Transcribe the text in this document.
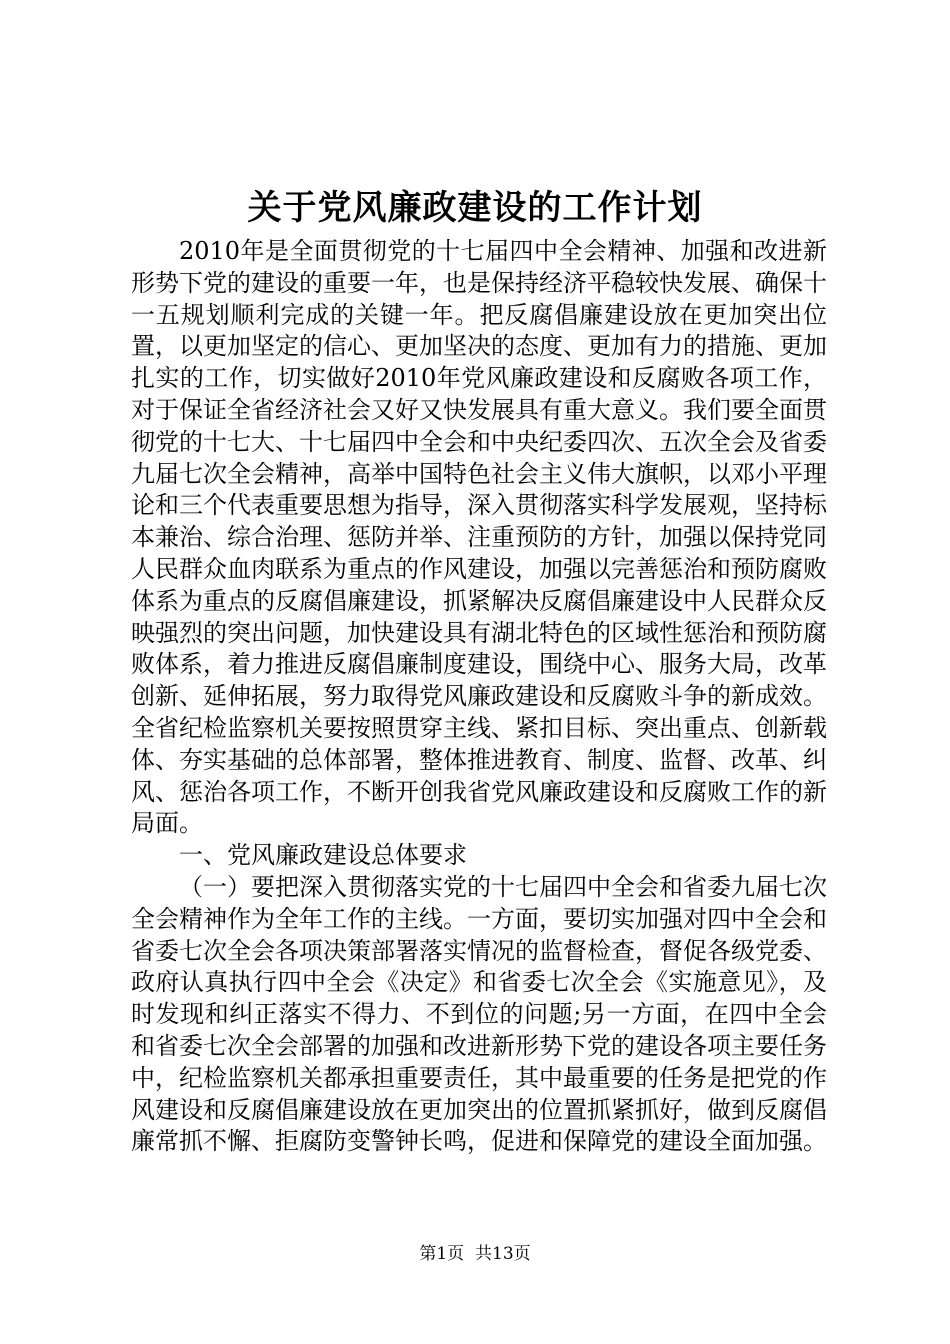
关于党风廉政建设的工作计划

2010年是全面贯彻党的十七届四中全会精神、加强和改进新形势下党的建设的重要一年，也是保持经济平稳较快发展、确保十一五规划顺利完成的关键一年。把反腐倡廉建设放在更加突出位置，以更加坚定的信心、更加坚决的态度、更加有力的措施、更加扎实的工作，切实做好2010年党风廉政建设和反腐败各项工作，对于保证全省经济社会又好又快发展具有重大意义。我们要全面贯彻党的十七大、十七届四中全会和中央纪委四次、五次全会及省委九届七次全会精神，高举中国特色社会主义伟大旗帜，以邓小平理论和三个代表重要思想为指导，深入贯彻落实科学发展观，坚持标本兼治、综合治理、惩防并举、注重预防的方针，加强以保持党同人民群众血肉联系为重点的作风建设，加强以完善惩治和预防腐败体系为重点的反腐倡廉建设，抓紧解决反腐倡廉建设中人民群众反映强烈的突出问题，加快建设具有湖北特色的区域性惩治和预防腐败体系，着力推进反腐倡廉制度建设，围绕中心、服务大局，改革创新、延伸拓展，努力取得党风廉政建设和反腐败斗争的新成效。全省纪检监察机关要按照贯穿主线、紧扣目标、突出重点、创新载体、夯实基础的总体部署，整体推进教育、制度、监督、改革、纠风、惩治各项工作，不断开创我省党风廉政建设和反腐败工作的新局面。

一、党风廉政建设总体要求

（一）要把深入贯彻落实党的十七届四中全会和省委九届七次全会精神作为全年工作的主线。一方面，要切实加强对四中全会和省委七次全会各项决策部署落实情况的监督检查，督促各级党委、政府认真执行四中全会《决定》和省委七次全会《实施意见》，及时发现和纠正落实不得力、不到位的问题;另一方面，在四中全会和省委七次全会部署的加强和改进新形势下党的建设各项主要任务中，纪检监察机关都承担重要责任，其中最重要的任务是把党的作风建设和反腐倡廉建设放在更加突出的位置抓紧抓好，做到反腐倡廉常抓不懈、拒腐防变警钟长鸣，促进和保障党的建设全面加强。

第1页 共13页
